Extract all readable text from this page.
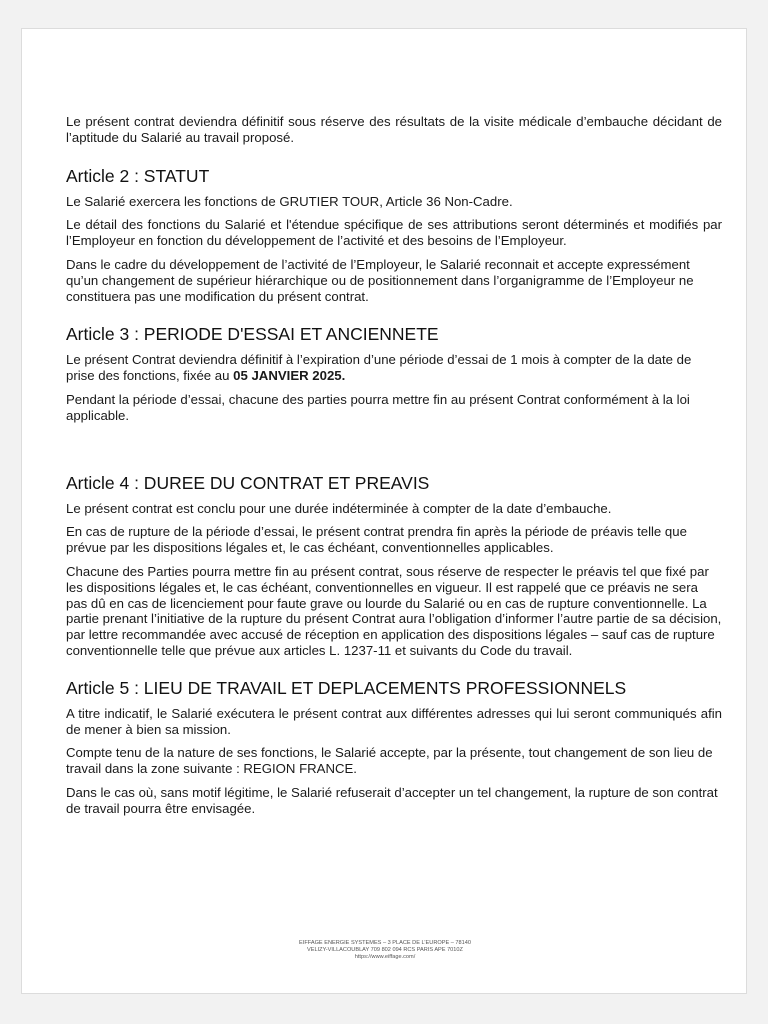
Le présent contrat deviendra définitif sous réserve des résultats de la visite médicale d’embauche décidant de l’aptitude du Salarié au travail proposé.

Article 2 : STATUT

Le Salarié exercera les fonctions de GRUTIER TOUR, Article 36 Non-Cadre.

Le détail des fonctions du Salarié et l'étendue spécifique de ses attributions seront déterminés et modifiés par l’Employeur en fonction du développement de l’activité et des besoins de l’Employeur.

Dans le cadre du développement de l’activité de l’Employeur, le Salarié reconnait et accepte expressément qu’un changement de supérieur hiérarchique ou de positionnement dans l’organigramme de l’Employeur ne constituera pas une modification du présent contrat.

Article 3 : PERIODE D'ESSAI ET ANCIENNETE

Le présent Contrat deviendra définitif à l’expiration d’une période d’essai de 1 mois à compter de la date de prise des fonctions, fixée au 05 JANVIER 2025.

Pendant la période d’essai, chacune des parties pourra mettre fin au présent Contrat conformément à la loi applicable.

Article 4 : DUREE DU CONTRAT ET PREAVIS

Le présent contrat est conclu pour une durée indéterminée à compter de la date d’embauche.

En cas de rupture de la période d’essai, le présent contrat prendra fin après la période de préavis telle que prévue par les dispositions légales et, le cas échéant, conventionnelles applicables.

Chacune des Parties pourra mettre fin au présent contrat, sous réserve de respecter le préavis tel que fixé par les dispositions légales et, le cas échéant, conventionnelles en vigueur. Il est rappelé que ce préavis ne sera pas dû en cas de licenciement pour faute grave ou lourde du Salarié ou en cas de rupture conventionnelle. La partie prenant l’initiative de la rupture du présent Contrat aura l’obligation d’informer l’autre partie de sa décision, par lettre recommandée avec accusé de réception en application des dispositions légales – sauf cas de rupture conventionnelle telle que prévue aux articles L. 1237-11 et suivants du Code du travail.

Article 5 : LIEU DE TRAVAIL ET DEPLACEMENTS PROFESSIONNELS

A titre indicatif, le Salarié exécutera le présent contrat aux différentes adresses qui lui seront communiqués afin de mener à bien sa mission.

Compte tenu de la nature de ses fonctions, le Salarié accepte, par la présente, tout changement de son lieu de travail dans la zone suivante : REGION FRANCE.

Dans le cas où, sans motif légitime, le Salarié refuserait d’accepter un tel changement, la rupture de son contrat de travail pourra être envisagée.

EIFFAGE ENERGIE SYSTEMES – 3 PLACE DE L’EUROPE – 78140
VELIZY-VILLACOUBLAY 709 802 094 RCS PARIS APE 7010Z
https://www.eiffage.com/
